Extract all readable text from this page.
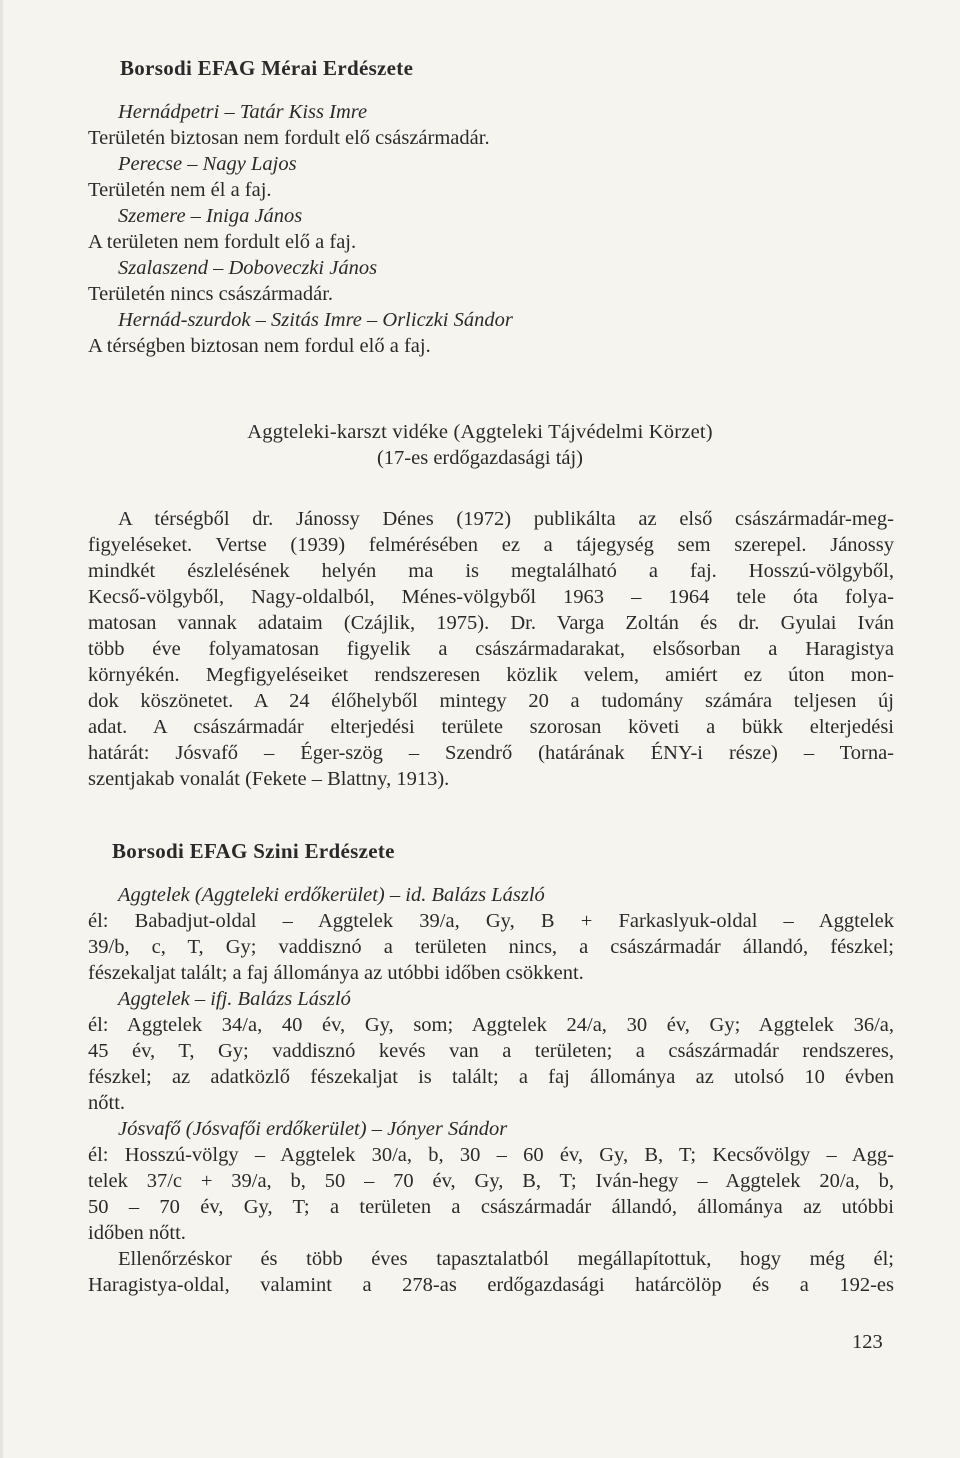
Borsodi EFAG Mérai Erdészete
Hernádpetri – Tatár Kiss Imre
Területén biztosan nem fordult elő császármadár.
Perecse – Nagy Lajos
Területén nem él a faj.
Szemere – Iniga János
A területen nem fordult elő a faj.
Szalaszend – Doboveczki János
Területén nincs császármadár.
Hernád-szurdok – Szitás Imre – Orliczki Sándor
A térségben biztosan nem fordul elő a faj.
Aggteleki-karszt vidéke (Aggteleki Tájvédelmi Körzet)
(17-es erdőgazdasági táj)
A térségből dr. Jánossy Dénes (1972) publikálta az első császármadár-meg-
figyeléseket. Vertse (1939) felmérésében ez a tájegység sem szerepel. Jánossy
mindkét észlelésének helyén ma is megtalálható a faj. Hosszú-völgyből,
Kecső-völgyből, Nagy-oldalból, Ménes-völgyből 1963 – 1964 tele óta folya-
matosan vannak adataim (Czájlik, 1975). Dr. Varga Zoltán és dr. Gyulai Iván
több éve folyamatosan figyelik a császármadarakat, elsősorban a Haragistya
környékén. Megfigyeléseiket rendszeresen közlik velem, amiért ez úton mon-
dok köszönetet. A 24 élőhelyből mintegy 20 a tudomány számára teljesen új
adat. A császármadár elterjedési területe szorosan követi a bükk elterjedési
határát: Jósvafő – Éger-szög – Szendrő (határának ÉNY-i része) – Torna-
szentjakab vonalát (Fekete – Blattny, 1913).
Borsodi EFAG Szini Erdészete
Aggtelek (Aggteleki erdőkerület) – id. Balázs László
él: Babadjut-oldal – Aggtelek 39/a, Gy, B + Farkaslyuk-oldal – Aggtelek
39/b, c, T, Gy; vaddisznó a területen nincs, a császármadár állandó, fészkel;
fészekaljat talált; a faj állománya az utóbbi időben csökkent.
Aggtelek – ifj. Balázs László
él: Aggtelek 34/a, 40 év, Gy, som; Aggtelek 24/a, 30 év, Gy; Aggtelek 36/a,
45 év, T, Gy; vaddisznó kevés van a területen; a császármadár rendszeres,
fészkel; az adatközlő fészekaljat is talált; a faj állománya az utolsó 10 évben
nőtt.
Jósvafő (Jósvafői erdőkerület) – Jónyer Sándor
él: Hosszú-völgy – Aggtelek 30/a, b, 30 – 60 év, Gy, B, T; Kecsővölgy – Agg-
telek 37/c + 39/a, b, 50 – 70 év, Gy, B, T; Iván-hegy – Aggtelek 20/a, b,
50 – 70 év, Gy, T; a területen a császármadár állandó, állománya az utóbbi
időben nőtt.
Ellenőrzéskor és több éves tapasztalatból megállapítottuk, hogy még él;
Haragistya-oldal, valamint a 278-as erdőgazdasági határcölöp és a 192-es
123
